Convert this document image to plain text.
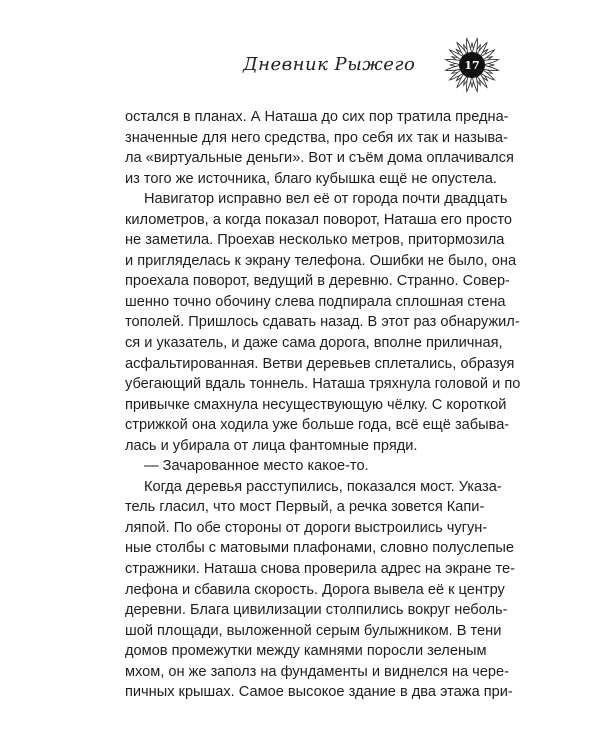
Дневник Рыжего	17
остался в планах. А Наташа до сих пор тратила предна-
значенные для него средства, про себя их так и называ-
ла «виртуальные деньги». Вот и съём дома оплачивался
из того же источника, благо кубышка ещё не опустела.
Навигатор исправно вел её от города почти двадцать
километров, а когда показал поворот, Наташа его просто
не заметила. Проехав несколько метров, притормозила
и пригляделась к экрану телефона. Ошибки не было, она
проехала поворот, ведущий в деревню. Странно. Совер-
шенно точно обочину слева подпирала сплошная стена
тополей. Пришлось сдавать назад. В этот раз обнаружил-
ся и указатель, и даже сама дорога, вполне приличная,
асфальтированная. Ветви деревьев сплетались, образуя
убегающий вдаль тоннель. Наташа тряхнула головой и по
привычке смахнула несуществующую чёлку. С короткой
стрижкой она ходила уже больше года, всё ещё забыва-
лась и убирала от лица фантомные пряди.
— Зачарованное место какое-то.
Когда деревья расступились, показался мост. Указа-
тель гласил, что мост Первый, а речка зовется Капи-
ляпой. По обе стороны от дороги выстроились чугун-
ные столбы с матовыми плафонами, словно полуслепые
стражники. Наташа снова проверила адрес на экране те-
лефона и сбавила скорость. Дорога вывела её к центру
деревни. Блага цивилизации столпились вокруг неболь-
шой площади, выложенной серым булыжником. В тени
домов промежутки между камнями поросли зеленым
мхом, он же заполз на фундаменты и виднелся на чере-
пичных крышах. Самое высокое здание в два этажа при-
